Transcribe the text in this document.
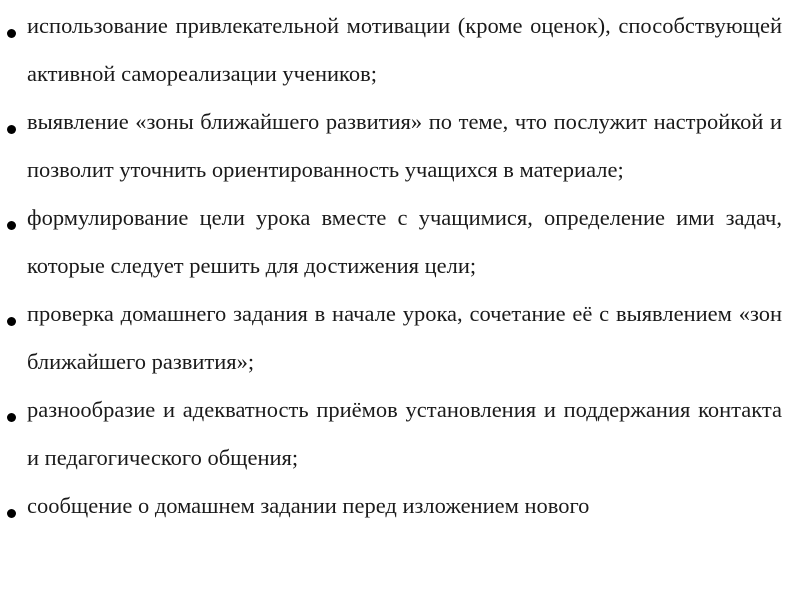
использование привлекательной мотивации (кроме оценок), способствующей активной самореализации учеников;
выявление «зоны ближайшего развития» по теме, что послужит настройкой и позволит уточнить ориентированность учащихся в материале;
формулирование цели урока вместе с учащимися, определение ими задач, которые следует решить для достижения цели;
проверка домашнего задания в начале урока, сочетание её с выявлением «зон ближайшего развития»;
разнообразие и адекватность приёмов установления и поддержания контакта и педагогического общения;
сообщение о домашнем задании перед изложением нового
